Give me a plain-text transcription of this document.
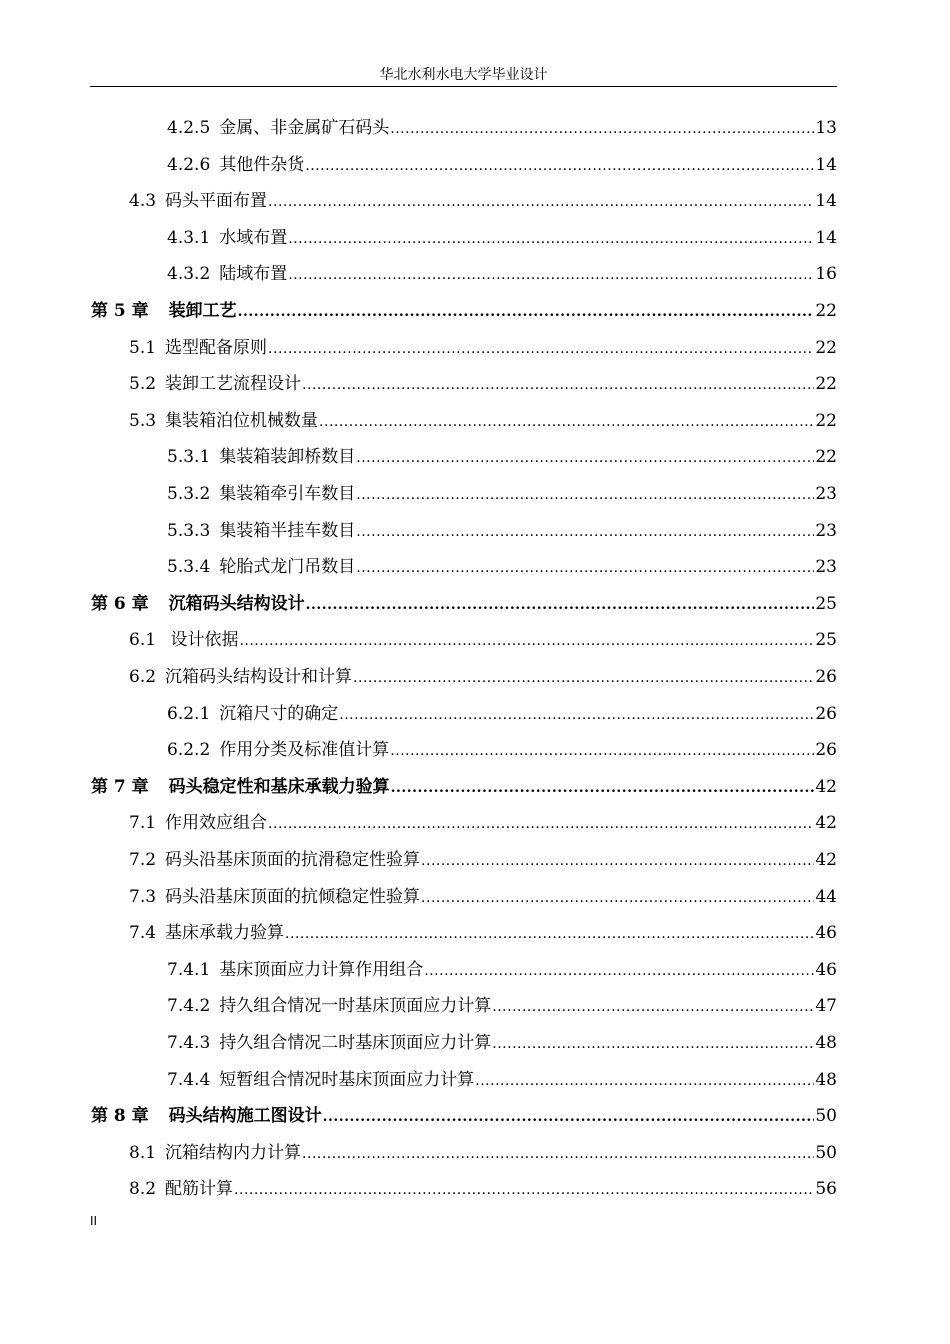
华北水利水电大学毕业设计
4.2.5 金属、非金属矿石码头 .....	13
4.2.6 其他件杂货 .....	14
4.3 码头平面布置 .....	14
4.3.1 水域布置 .....	14
4.3.2 陆域布置 .....	16
第 5 章 装卸工艺 .....	22
5.1 选型配备原则 .....	22
5.2 装卸工艺流程设计 .....	22
5.3 集装箱泊位机械数量 .....	22
5.3.1 集装箱装卸桥数目 .....	22
5.3.2 集装箱牵引车数目 .....	23
5.3.3 集装箱半挂车数目 .....	23
5.3.4 轮胎式龙门吊数目 .....	23
第 6 章 沉箱码头结构设计 .....	25
6.1 设计依据 .....	25
6.2 沉箱码头结构设计和计算 .....	26
6.2.1 沉箱尺寸的确定 .....	26
6.2.2 作用分类及标准值计算 .....	26
第 7 章 码头稳定性和基床承载力验算 .....	42
7.1 作用效应组合 .....	42
7.2 码头沿基床顶面的抗滑稳定性验算 .....	42
7.3 码头沿基床顶面的抗倾稳定性验算 .....	44
7.4 基床承载力验算 .....	46
7.4.1 基床顶面应力计算作用组合 .....	46
7.4.2 持久组合情况一时基床顶面应力计算 .....	47
7.4.3 持久组合情况二时基床顶面应力计算 .....	48
7.4.4 短暂组合情况时基床顶面应力计算 .....	48
第 8 章 码头结构施工图设计 .....	50
8.1 沉箱结构内力计算 .....	50
8.2 配筋计算 .....	56
II
